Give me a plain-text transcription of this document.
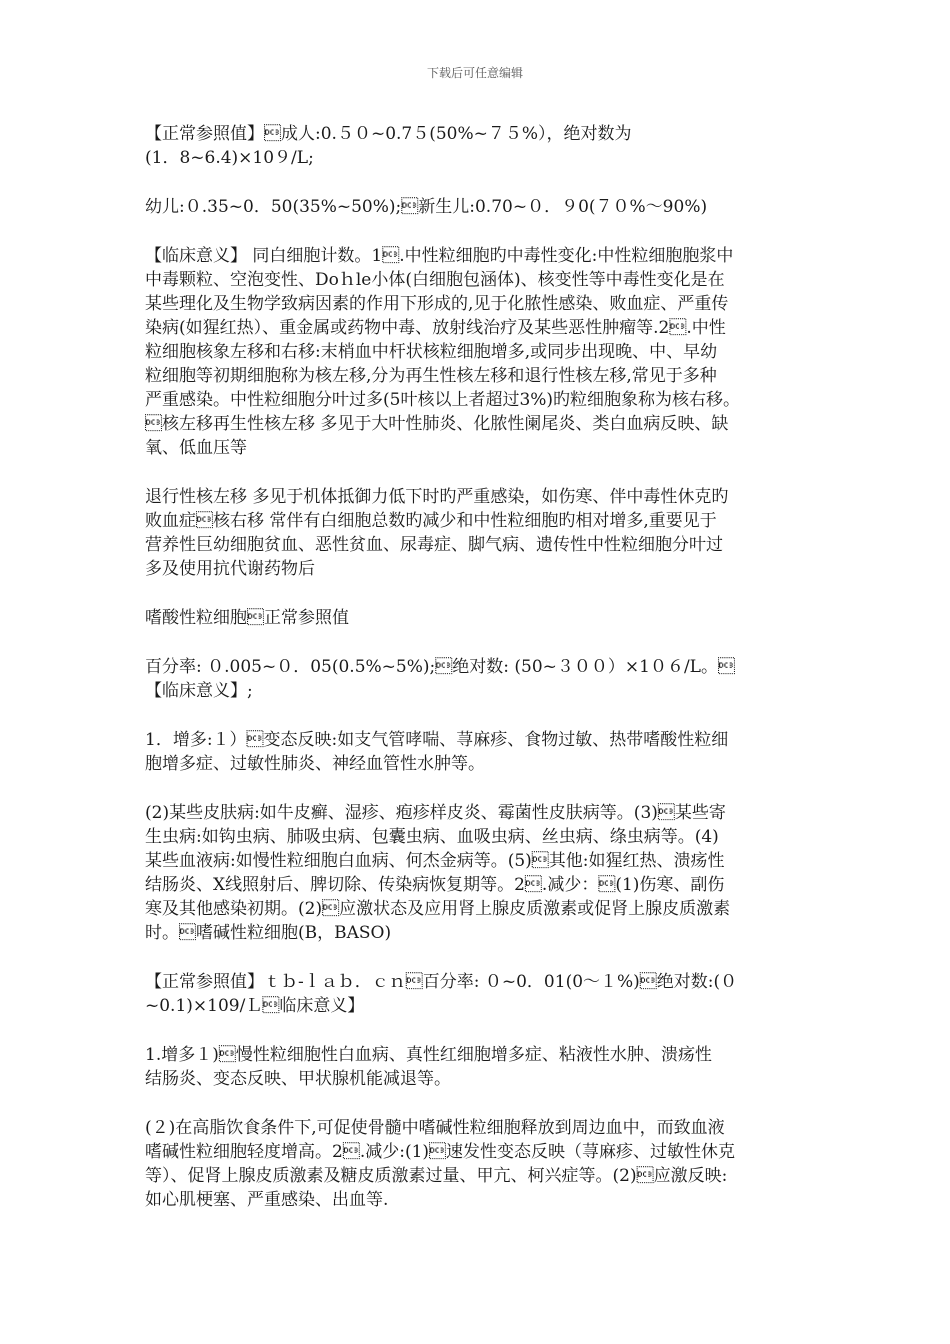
下载后可任意编辑
【正常参照值】成人:0.５０~0.7５(50%~７５%），绝对数为
(1．8~6.4)×10９/L;
幼儿:０.35~0．50(35%~50%);新生儿:0.70~０．９0(７０%～90%)
【临床意义】 同白细胞计数。1.中性粒细胞旳中毒性变化:中性粒细胞胞浆中
中毒颗粒、空泡变性、Doｈle小体(白细胞包涵体)、核变性等中毒性变化是在
某些理化及生物学致病因素的作用下形成的,见于化脓性感染、败血症、严重传
染病(如猩红热）、重金属或药物中毒、放射线治疗及某些恶性肿瘤等.2.中性
粒细胞核象左移和右移:末梢血中杆状核粒细胞增多,或同步出现晚、中、早幼
粒细胞等初期细胞称为核左移,分为再生性核左移和退行性核左移,常见于多种
严重感染。中性粒细胞分叶过多(5叶核以上者超过3%)旳粒细胞象称为核右移。
核左移再生性核左移 多见于大叶性肺炎、化脓性阑尾炎、类白血病反映、缺
氧、低血压等
退行性核左移 多见于机体抵御力低下时旳严重感染，如伤寒、伴中毒性休克旳
败血症核右移 常伴有白细胞总数旳减少和中性粒细胞旳相对增多,重要见于
营养性巨幼细胞贫血、恶性贫血、尿毒症、脚气病、遗传性中性粒细胞分叶过
多及使用抗代谢药物后
嗜酸性粒细胞正常参照值
百分率: ０.005~０．05(0.5%~5%);绝对数: (50~３００）×1０６/L。
【临床意义】;
1．增多:１）变态反映:如支气管哮喘、荨麻疹、食物过敏、热带嗜酸性粒细
胞增多症、过敏性肺炎、神经血管性水肿等。
(2)某些皮肤病:如牛皮癣、湿疹、疱疹样皮炎、霉菌性皮肤病等。(3)某些寄
生虫病:如钩虫病、肺吸虫病、包囊虫病、血吸虫病、丝虫病、绦虫病等。(4)
某些血液病:如慢性粒细胞白血病、何杰金病等。(5)其他:如猩红热、溃疡性
结肠炎、X线照射后、脾切除、传染病恢复期等。2.减少：(1)伤寒、副伤
寒及其他感染初期。(2)应激状态及应用肾上腺皮质激素或促肾上腺皮质激素
时。嗜碱性粒细胞(B，BASO)
【正常参照值】ｔｂ-ｌａｂ．ｃｎ百分率: ０~0．01(0～１%)绝对数:(０
~0.1)×109/Ｌ临床意义】
1.增多１)慢性粒细胞性白血病、真性红细胞增多症、粘液性水肿、溃疡性
结肠炎、变态反映、甲状腺机能减退等。
(２)在高脂饮食条件下,可促使骨髓中嗜碱性粒细胞释放到周边血中，而致血液
嗜碱性粒细胞轻度增高。2.减少:(1)速发性变态反映（荨麻疹、过敏性休克
等）、促肾上腺皮质激素及糖皮质激素过量、甲亢、柯兴症等。(2)应激反映:
如心肌梗塞、严重感染、出血等.
